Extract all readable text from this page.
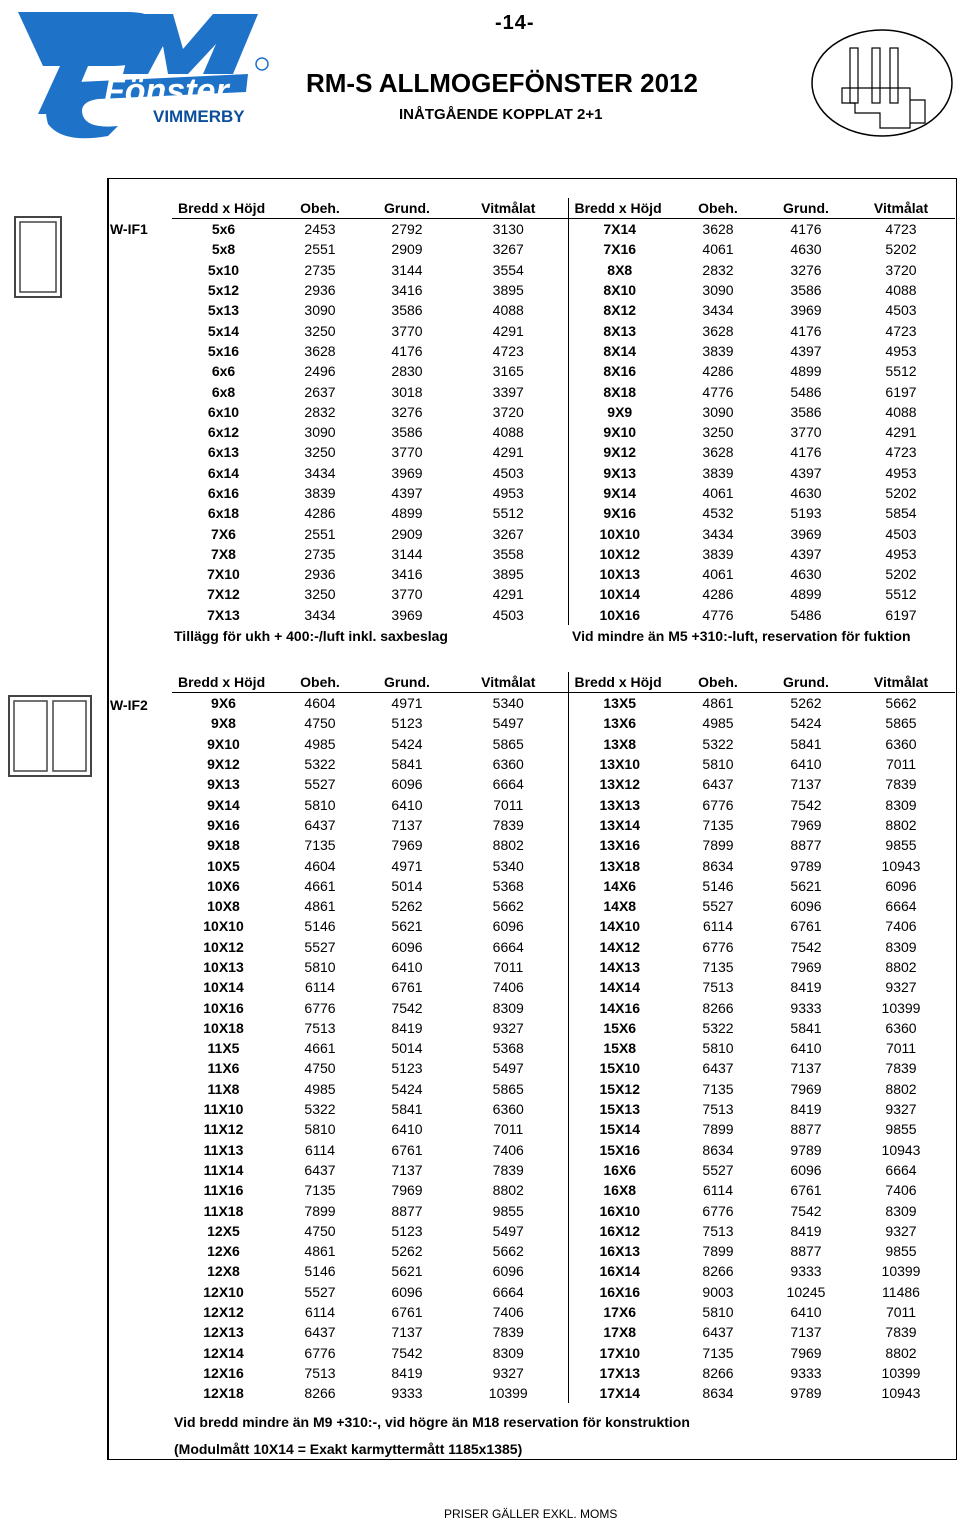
Fönster
VIMMERBY
-14-
RM-S ALLMOGEFÖNSTER 2012
INÅTGÅENDE KOPPLAT 2+1
W-IF1
Bredd x Höjd	Obeh.	Grund.	Vitmålat	Bredd x Höjd	Obeh.	Grund.	Vitmålat
5x6	2453	2792	3130	7X14	3628	4176	4723
5x8	2551	2909	3267	7X16	4061	4630	5202
5x10	2735	3144	3554	8X8	2832	3276	3720
5x12	2936	3416	3895	8X10	3090	3586	4088
5x13	3090	3586	4088	8X12	3434	3969	4503
5x14	3250	3770	4291	8X13	3628	4176	4723
5x16	3628	4176	4723	8X14	3839	4397	4953
6x6	2496	2830	3165	8X16	4286	4899	5512
6x8	2637	3018	3397	8X18	4776	5486	6197
6x10	2832	3276	3720	9X9	3090	3586	4088
6x12	3090	3586	4088	9X10	3250	3770	4291
6x13	3250	3770	4291	9X12	3628	4176	4723
6x14	3434	3969	4503	9X13	3839	4397	4953
6x16	3839	4397	4953	9X14	4061	4630	5202
6x18	4286	4899	5512	9X16	4532	5193	5854
7X6	2551	2909	3267	10X10	3434	3969	4503
7X8	2735	3144	3558	10X12	3839	4397	4953
7X10	2936	3416	3895	10X13	4061	4630	5202
7X12	3250	3770	4291	10X14	4286	4899	5512
7X13	3434	3969	4503	10X16	4776	5486	6197
Tillägg för ukh + 400:-/luft inkl. saxbeslag	Vid mindre än M5 +310:-luft, reservation för fuktion
W-IF2
Bredd x Höjd	Obeh.	Grund.	Vitmålat	Bredd x Höjd	Obeh.	Grund.	Vitmålat
9X6	4604	4971	5340	13X5	4861	5262	5662
9X8	4750	5123	5497	13X6	4985	5424	5865
9X10	4985	5424	5865	13X8	5322	5841	6360
9X12	5322	5841	6360	13X10	5810	6410	7011
9X13	5527	6096	6664	13X12	6437	7137	7839
9X14	5810	6410	7011	13X13	6776	7542	8309
9X16	6437	7137	7839	13X14	7135	7969	8802
9X18	7135	7969	8802	13X16	7899	8877	9855
10X5	4604	4971	5340	13X18	8634	9789	10943
10X6	4661	5014	5368	14X6	5146	5621	6096
10X8	4861	5262	5662	14X8	5527	6096	6664
10X10	5146	5621	6096	14X10	6114	6761	7406
10X12	5527	6096	6664	14X12	6776	7542	8309
10X13	5810	6410	7011	14X13	7135	7969	8802
10X14	6114	6761	7406	14X14	7513	8419	9327
10X16	6776	7542	8309	14X16	8266	9333	10399
10X18	7513	8419	9327	15X6	5322	5841	6360
11X5	4661	5014	5368	15X8	5810	6410	7011
11X6	4750	5123	5497	15X10	6437	7137	7839
11X8	4985	5424	5865	15X12	7135	7969	8802
11X10	5322	5841	6360	15X13	7513	8419	9327
11X12	5810	6410	7011	15X14	7899	8877	9855
11X13	6114	6761	7406	15X16	8634	9789	10943
11X14	6437	7137	7839	16X6	5527	6096	6664
11X16	7135	7969	8802	16X8	6114	6761	7406
11X18	7899	8877	9855	16X10	6776	7542	8309
12X5	4750	5123	5497	16X12	7513	8419	9327
12X6	4861	5262	5662	16X13	7899	8877	9855
12X8	5146	5621	6096	16X14	8266	9333	10399
12X10	5527	6096	6664	16X16	9003	10245	11486
12X12	6114	6761	7406	17X6	5810	6410	7011
12X13	6437	7137	7839	17X8	6437	7137	7839
12X14	6776	7542	8309	17X10	7135	7969	8802
12X16	7513	8419	9327	17X13	8266	9333	10399
12X18	8266	9333	10399	17X14	8634	9789	10943
Vid bredd mindre än M9 +310:-, vid högre än M18 reservation för konstruktion
(Modulmått 10X14 = Exakt karmyttermått 1185x1385)
PRISER GÄLLER EXKL. MOMS
